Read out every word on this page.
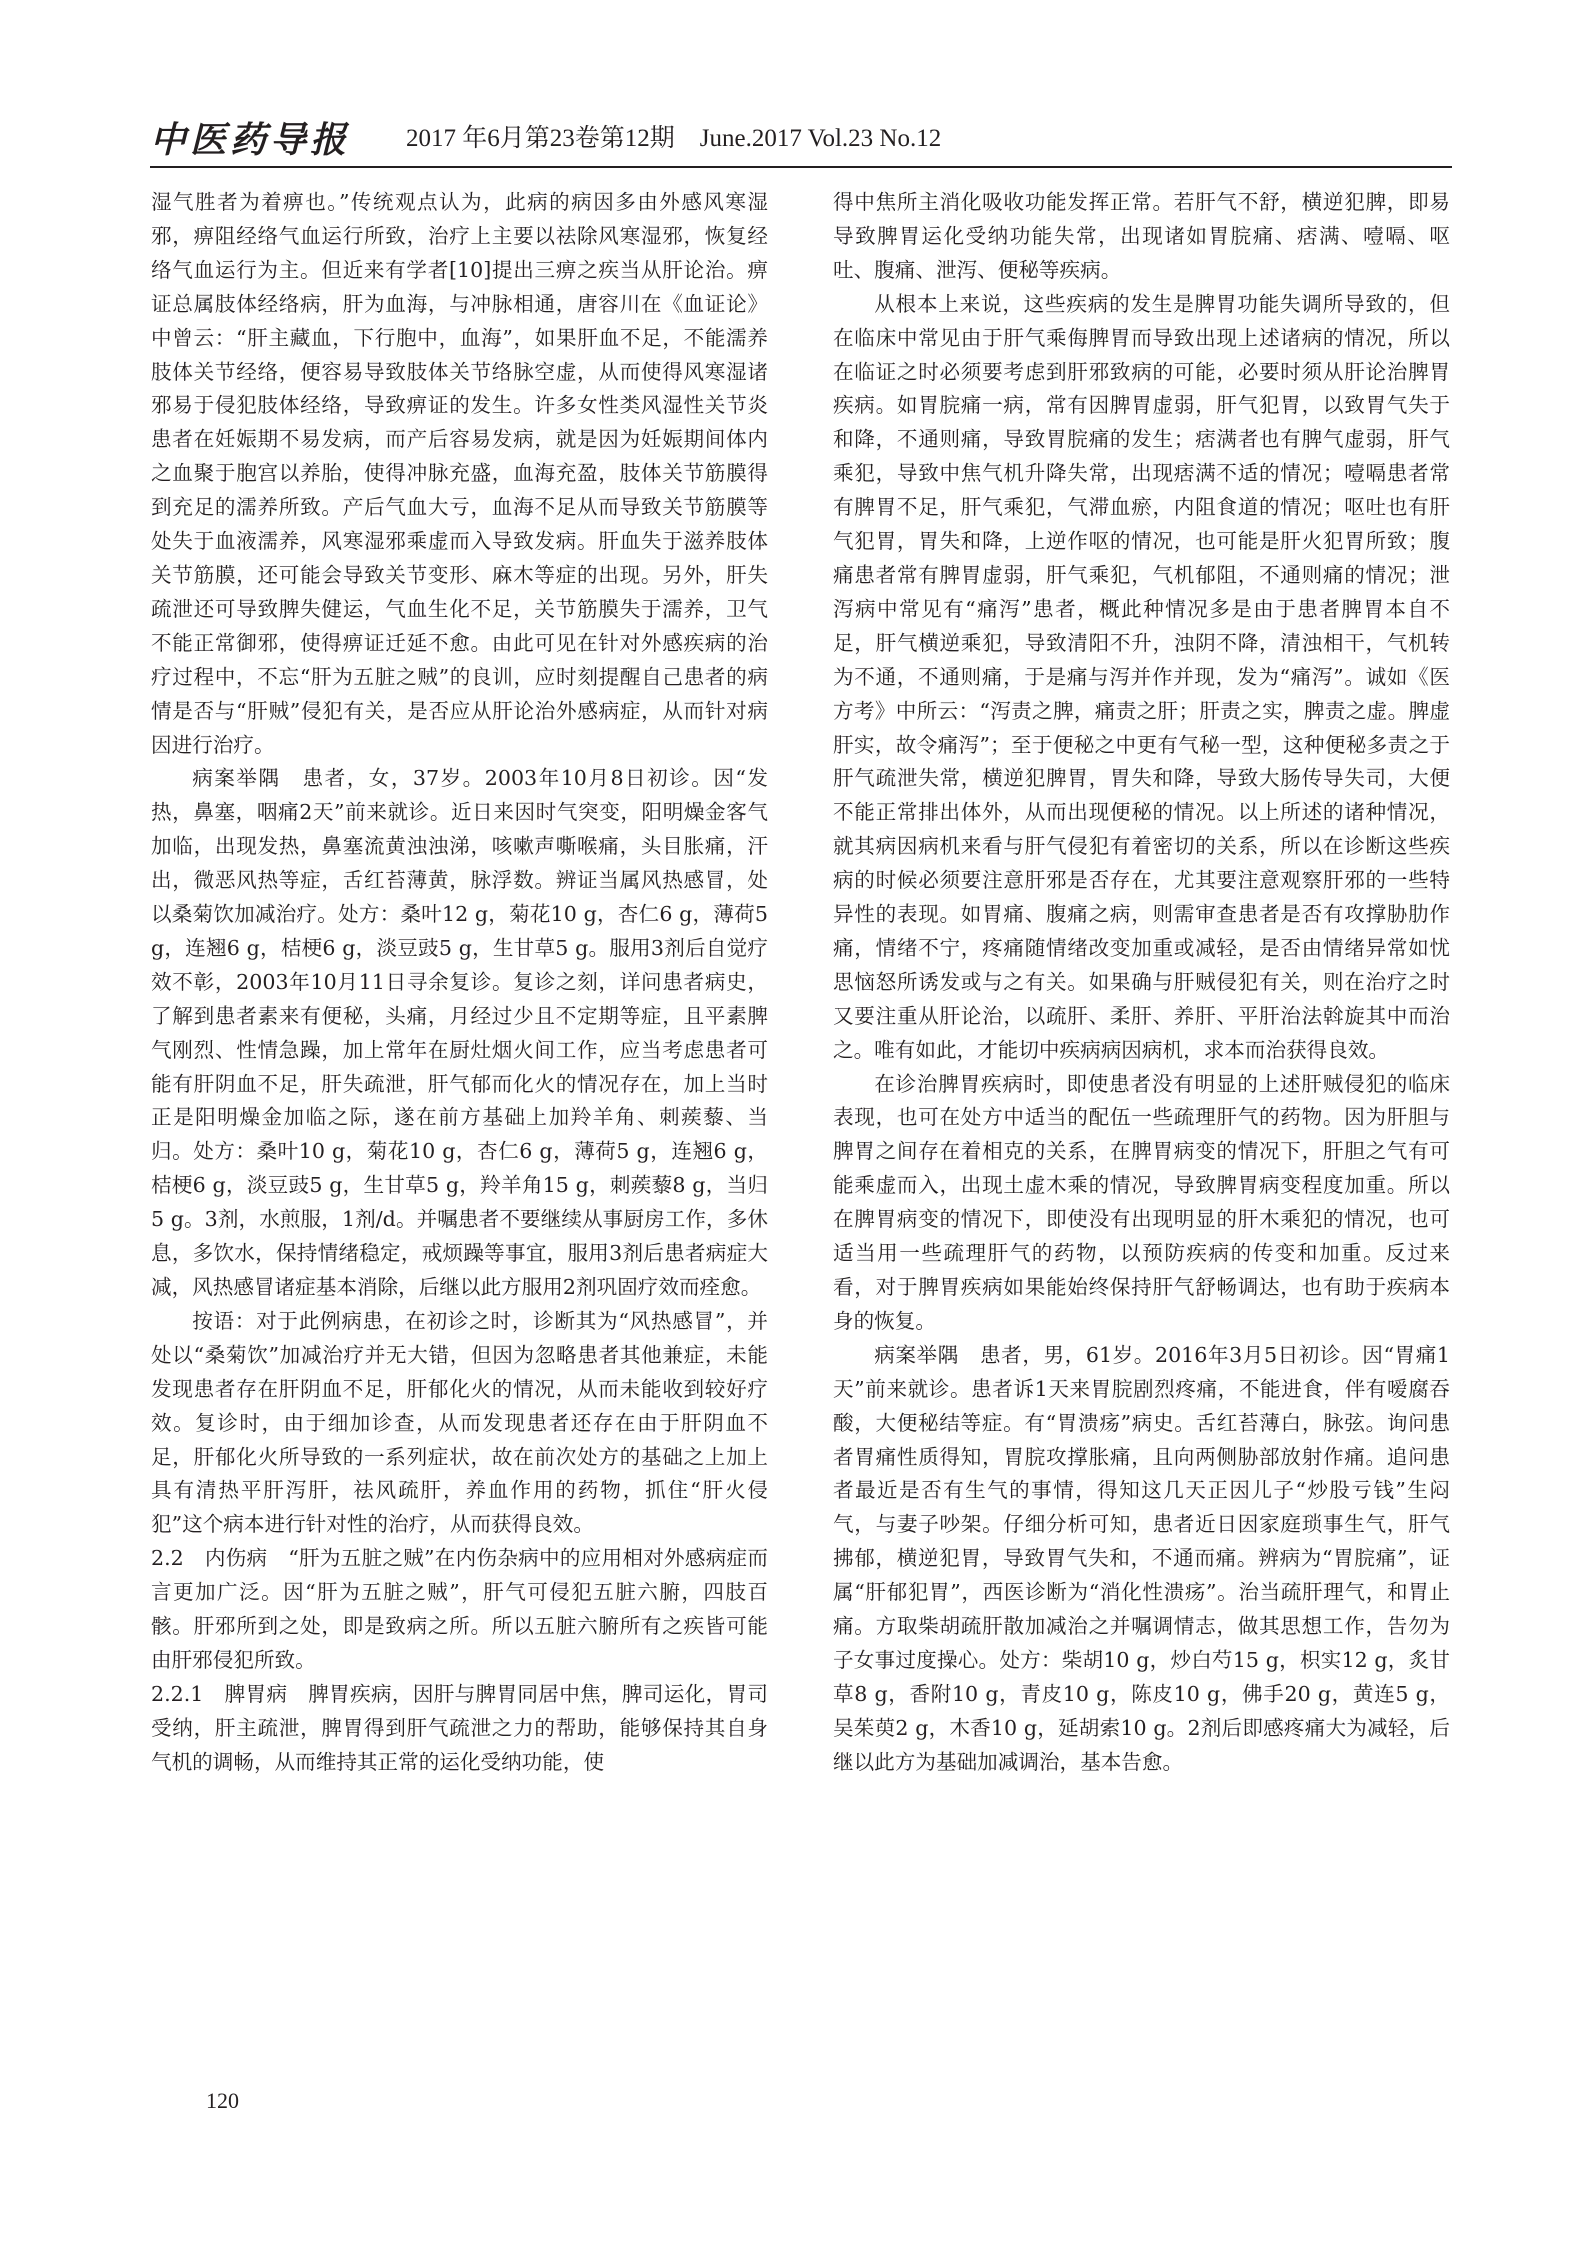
中医药导报 2017 年6月第23卷第12期　June.2017 Vol.23 No.12

湿气胜者为着痹也。”传统观点认为，此病的病因多由外感风寒湿邪，痹阻经络气血运行所致，治疗上主要以祛除风寒湿邪，恢复经络气血运行为主。但近来有学者[10]提出三痹之疾当从肝论治。痹证总属肢体经络病，肝为血海，与冲脉相通，唐容川在《血证论》中曾云：“肝主藏血，下行胞中，血海”，如果肝血不足，不能濡养肢体关节经络，便容易导致肢体关节络脉空虚，从而使得风寒湿诸邪易于侵犯肢体经络，导致痹证的发生。许多女性类风湿性关节炎患者在妊娠期不易发病，而产后容易发病，就是因为妊娠期间体内之血聚于胞宫以养胎，使得冲脉充盛，血海充盈，肢体关节筋膜得到充足的濡养所致。产后气血大亏，血海不足从而导致关节筋膜等处失于血液濡养，风寒湿邪乘虚而入导致发病。肝血失于滋养肢体关节筋膜，还可能会导致关节变形、麻木等症的出现。另外，肝失疏泄还可导致脾失健运，气血生化不足，关节筋膜失于濡养，卫气不能正常御邪，使得痹证迁延不愈。由此可见在针对外感疾病的治疗过程中，不忘“肝为五脏之贼”的良训，应时刻提醒自己患者的病情是否与“肝贼”侵犯有关，是否应从肝论治外感病症，从而针对病因进行治疗。

病案举隅　患者，女，37岁。2003年10月8日初诊。因“发热，鼻塞，咽痛2天”前来就诊。近日来因时气突变，阳明燥金客气加临，出现发热，鼻塞流黄浊浊涕，咳嗽声嘶喉痛，头目胀痛，汗出，微恶风热等症，舌红苔薄黄，脉浮数。辨证当属风热感冒，处以桑菊饮加减治疗。处方：桑叶12 g，菊花10 g，杏仁6 g，薄荷5 g，连翘6 g，桔梗6 g，淡豆豉5 g，生甘草5 g。服用3剂后自觉疗效不彰，2003年10月11日寻余复诊。复诊之刻，详问患者病史，了解到患者素来有便秘，头痛，月经过少且不定期等症，且平素脾气刚烈、性情急躁，加上常年在厨灶烟火间工作，应当考虑患者可能有肝阴血不足，肝失疏泄，肝气郁而化火的情况存在，加上当时正是阳明燥金加临之际，遂在前方基础上加羚羊角、刺蒺藜、当归。处方：桑叶10 g，菊花10 g，杏仁6 g，薄荷5 g，连翘6 g，桔梗6 g，淡豆豉5 g，生甘草5 g，羚羊角15 g，刺蒺藜8 g，当归5 g。3剂，水煎服，1剂/d。并嘱患者不要继续从事厨房工作，多休息，多饮水，保持情绪稳定，戒烦躁等事宜，服用3剂后患者病症大减，风热感冒诸症基本消除，后继以此方服用2剂巩固疗效而痊愈。

按语：对于此例病患，在初诊之时，诊断其为“风热感冒”，并处以“桑菊饮”加减治疗并无大错，但因为忽略患者其他兼症，未能发现患者存在肝阴血不足，肝郁化火的情况，从而未能收到较好疗效。复诊时，由于细加诊查，从而发现患者还存在由于肝阴血不足，肝郁化火所导致的一系列症状，故在前次处方的基础之上加上具有清热平肝泻肝，祛风疏肝，养血作用的药物，抓住“肝火侵犯”这个病本进行针对性的治疗，从而获得良效。

2.2　内伤病　“肝为五脏之贼”在内伤杂病中的应用相对外感病症而言更加广泛。因“肝为五脏之贼”，肝气可侵犯五脏六腑，四肢百骸。肝邪所到之处，即是致病之所。所以五脏六腑所有之疾皆可能由肝邪侵犯所致。

2.2.1　脾胃病　脾胃疾病，因肝与脾胃同居中焦，脾司运化，胃司受纳，肝主疏泄，脾胃得到肝气疏泄之力的帮助，能够保持其自身气机的调畅，从而维持其正常的运化受纳功能，使

得中焦所主消化吸收功能发挥正常。若肝气不舒，横逆犯脾，即易导致脾胃运化受纳功能失常，出现诸如胃脘痛、痞满、噎嗝、呕吐、腹痛、泄泻、便秘等疾病。

从根本上来说，这些疾病的发生是脾胃功能失调所导致的，但在临床中常见由于肝气乘侮脾胃而导致出现上述诸病的情况，所以在临证之时必须要考虑到肝邪致病的可能，必要时须从肝论治脾胃疾病。如胃脘痛一病，常有因脾胃虚弱，肝气犯胃，以致胃气失于和降，不通则痛，导致胃脘痛的发生；痞满者也有脾气虚弱，肝气乘犯，导致中焦气机升降失常，出现痞满不适的情况；噎嗝患者常有脾胃不足，肝气乘犯，气滞血瘀，内阻食道的情况；呕吐也有肝气犯胃，胃失和降，上逆作呕的情况，也可能是肝火犯胃所致；腹痛患者常有脾胃虚弱，肝气乘犯，气机郁阻，不通则痛的情况；泄泻病中常见有“痛泻”患者，概此种情况多是由于患者脾胃本自不足，肝气横逆乘犯，导致清阳不升，浊阴不降，清浊相干，气机转为不通，不通则痛，于是痛与泻并作并现，发为“痛泻”。诚如《医方考》中所云：“泻责之脾，痛责之肝；肝责之实，脾责之虚。脾虚肝实，故令痛泻”；至于便秘之中更有气秘一型，这种便秘多责之于肝气疏泄失常，横逆犯脾胃，胃失和降，导致大肠传导失司，大便不能正常排出体外，从而出现便秘的情况。以上所述的诸种情况，就其病因病机来看与肝气侵犯有着密切的关系，所以在诊断这些疾病的时候必须要注意肝邪是否存在，尤其要注意观察肝邪的一些特异性的表现。如胃痛、腹痛之病，则需审查患者是否有攻撑胁肋作痛，情绪不宁，疼痛随情绪改变加重或减轻，是否由情绪异常如忧思恼怒所诱发或与之有关。如果确与肝贼侵犯有关，则在治疗之时又要注重从肝论治，以疏肝、柔肝、养肝、平肝治法斡旋其中而治之。唯有如此，才能切中疾病病因病机，求本而治获得良效。

在诊治脾胃疾病时，即使患者没有明显的上述肝贼侵犯的临床表现，也可在处方中适当的配伍一些疏理肝气的药物。因为肝胆与脾胃之间存在着相克的关系，在脾胃病变的情况下，肝胆之气有可能乘虚而入，出现土虚木乘的情况，导致脾胃病变程度加重。所以在脾胃病变的情况下，即使没有出现明显的肝木乘犯的情况，也可适当用一些疏理肝气的药物，以预防疾病的传变和加重。反过来看，对于脾胃疾病如果能始终保持肝气舒畅调达，也有助于疾病本身的恢复。

病案举隅　患者，男，61岁。2016年3月5日初诊。因“胃痛1天”前来就诊。患者诉1天来胃脘剧烈疼痛，不能进食，伴有嗳腐吞酸，大便秘结等症。有“胃溃疡”病史。舌红苔薄白，脉弦。询问患者胃痛性质得知，胃脘攻撑胀痛，且向两侧胁部放射作痛。追问患者最近是否有生气的事情，得知这几天正因儿子“炒股亏钱”生闷气，与妻子吵架。仔细分析可知，患者近日因家庭琐事生气，肝气拂郁，横逆犯胃，导致胃气失和，不通而痛。辨病为“胃脘痛”，证属“肝郁犯胃”，西医诊断为“消化性溃疡”。治当疏肝理气，和胃止痛。方取柴胡疏肝散加减治之并嘱调情志，做其思想工作，告勿为子女事过度操心。处方：柴胡10 g，炒白芍15 g，枳实12 g，炙甘草8 g，香附10 g，青皮10 g，陈皮10 g，佛手20 g，黄连5 g，吴茱萸2 g，木香10 g，延胡索10 g。2剂后即感疼痛大为减轻，后继以此方为基础加减调治，基本告愈。

120
